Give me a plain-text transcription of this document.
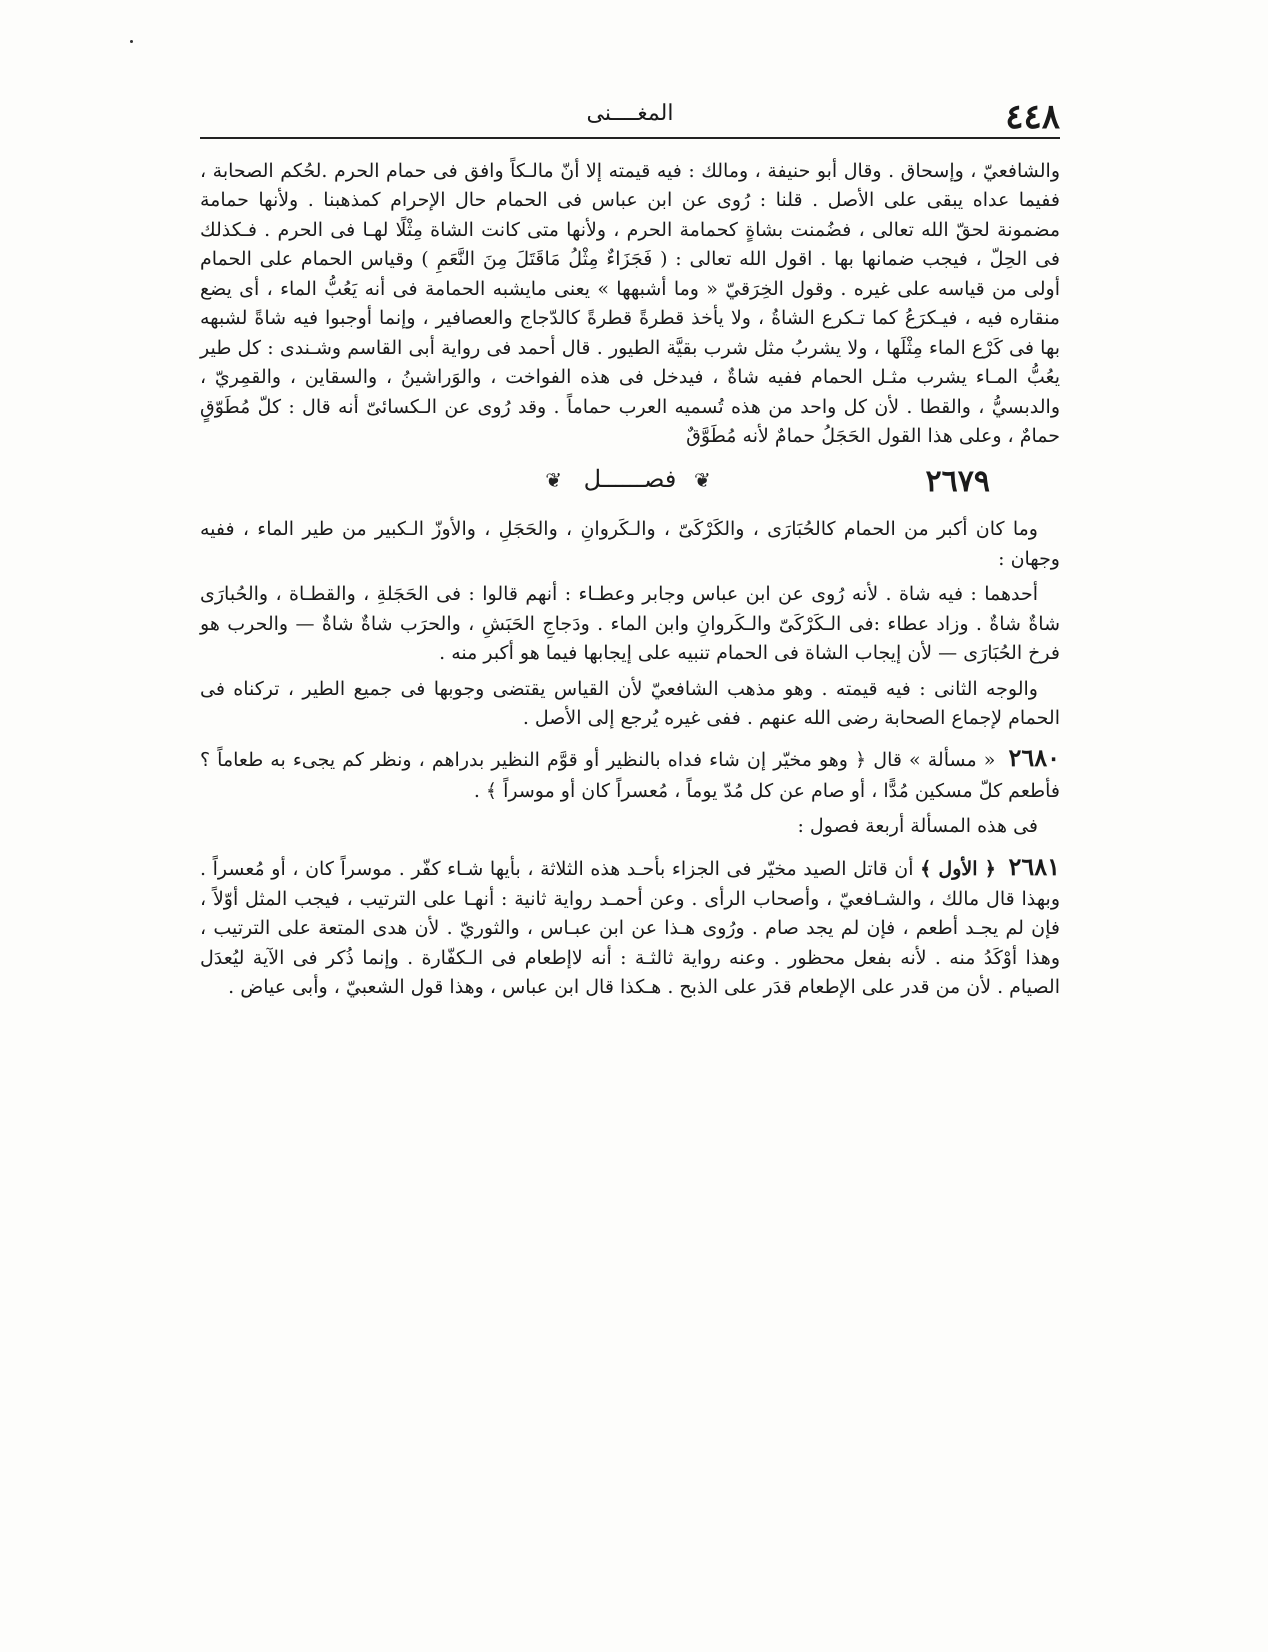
٤٤٨
المغــــنى

والشافعيّ ، وإسحاق . وقال أبو حنيفة ، ومالك : فيه قيمته إلا أنّ مالـكاً وافق فى حمام الحرم .لحُكم الصحابة ، ففيما عداه يبقى على الأصل . قلنا : رُوى عن ابن عباس فى الحمام حال الإحرام كمذهبنا . ولأنها حمامة مضمونة لحقّ الله تعالى ، فضُمنت بشاةٍ كحمامة الحرم ، ولأنها متى كانت الشاة مِثْلًا لهـا فى الحرم . فـكذلك فى الحِلّ ، فيجب ضمانها بها . اقول الله تعالى : ( فَجَزَاءٌ مِثْلُ مَاقَتَلَ مِنَ النَّعَمِ ) وقياس الحمام على الحمام أولى من قياسه على غيره . وقول الخِرَقيّ « وما أشبهها » يعنى مايشبه الحمامة فى أنه يَعُبُّ الماء ، أى يضع منقاره فيه ، فيـكرَعُ كما تـكرع الشاةُ ، ولا يأخذ قطرةً قطرةً كالدّجاج والعصافير ، وإنما أوجبوا فيه شاةً لشبهه بها فى كَرْع الماء مِثْلَها ، ولا يشربُ مثل شرب بقيَّة الطيور . قال أحمد فى رواية أبى القاسم وشـندى : كل طير يعُبُّ المـاء يشرب مثـل الحمام ففيه شاةٌ ، فيدخل فى هذه الفواخت ، والوَراشينُ ، والسقاين ، والقمِريّ ، والدبسيُّ ، والقطا . لأن كل واحد من هذه تُسميه العرب حماماً . وقد رُوى عن الـكسائىّ أنه قال : كلّ مُطَوّقٍ حمامٌ ، وعلى هذا القول الحَجَلُ حمامٌ لأنه مُطَوَّقٌ

٢٦٧٩
❦ فصــــــل ❦

وما كان أكبر من الحمام كالحُبَارَى ، والكَرْكَىّ ، والـكَروانِ ، والحَجَلِ ، والأوزّ الـكبير من طير الماء ، ففيه وجهان :

أحدهما : فيه شاة . لأنه رُوى عن ابن عباس وجابر وعطـاء : أنهم قالوا : فى الحَجَلةِ ، والقطـاة ، والحُبارَى شاةٌ شاةٌ . وزاد عطاء :فى الـكَرْكَىّ والـكَروانِ وابن الماء . ودَجاجِ الحَبَشِ ، والحرَب شاةٌ شاةٌ — والحرب هو فرخ الحُبَارَى — لأن إيجاب الشاة فى الحمام تنبيه على إيجابها فيما هو أكبر منه .

والوجه الثانى : فيه قيمته . وهو مذهب الشافعيّ لأن القياس يقتضى وجوبها فى جميع الطير ، تركناه فى الحمام لإجماع الصحابة رضى الله عنهم . ففى غيره يُرجع إلى الأصل .

٢٦٨٠ « مسألة » قال ﴿ وهو مخيّر إن شاء فداه بالنظير أو قوَّم النظير بدراهم ، ونظر كم يجىء به طعاماً ؟ فأطعم كلّ مسكين مُدًّا ، أو صام عن كل مُدّ يوماً ، مُعسراً كان أو موسراً ﴾ .

فى هذه المسألة أربعة فصول :

٢٦٨١ ﴿ الأول ﴾ أن قاتل الصيد مخيّر فى الجزاء بأحـد هذه الثلاثة ، بأيها شـاء كفّر . موسراً كان ، أو مُعسراً . وبهذا قال مالك ، والشـافعيّ ، وأصحاب الرأى . وعن أحمـد رواية ثانية : أنهـا على الترتيب ، فيجب المثل أوّلاً ، فإن لم يجـد أطعم ، فإن لم يجد صام . ورُوى هـذا عن ابن عبـاس ، والثوريّ . لأن هدى المتعة على الترتيب ، وهذا أوْكَدُ منه . لأنه بفعل محظور . وعنه رواية ثالثـة : أنه لاإطعام فى الـكفّارة . وإنما ذُكر فى الآية ليُعدَل الصيام . لأن من قدر على الإطعام قدَر على الذبح . هـكذا قال ابن عباس ، وهذا قول الشعبيّ ، وأبى عياض .
